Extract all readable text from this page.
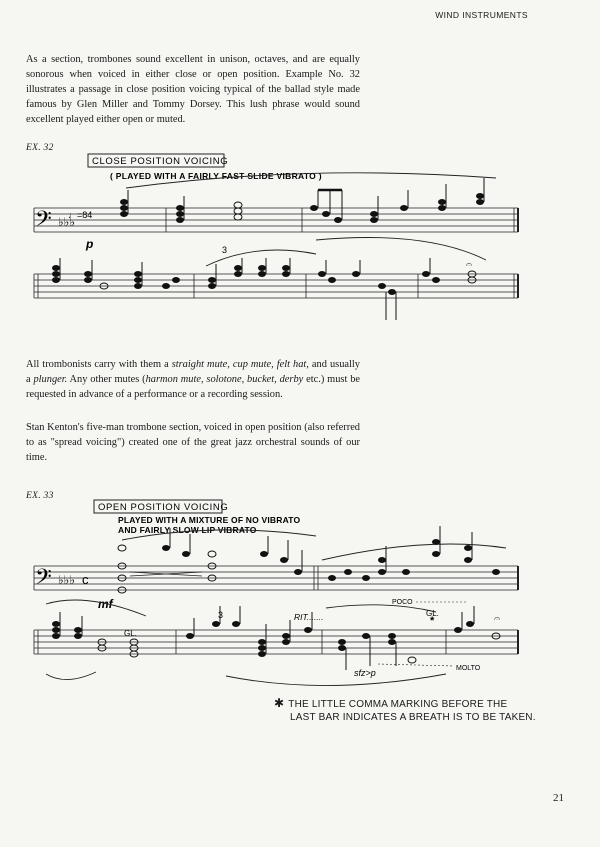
WIND INSTRUMENTS

As a section, trombones sound excellent in unison, octaves, and are equally sonorous when voiced in either close or open position. Example No. 32 illustrates a passage in close position voicing typical of the ballad style made famous by Glen Miller and Tommy Dorsey. This lush phrase would sound excellent played either open or muted.

EX. 32
CLOSE POSITION VOICING
( PLAYED WITH A FAIRLY FAST SLIDE VIBRATO )
𝄢 ♭♭♭
♩=84
p	3
𝄐

All trombonists carry with them a straight mute, cup mute, felt hat, and usually a plunger. Any other mutes (harmon mute, solotone, bucket, derby etc.) must be requested in advance of a performance or a recording session.

Stan Kenton's five-man trombone section, voiced in open position (also referred to as "spread voicing") created one of the great jazz orchestral sounds of our time.

EX. 33
OPEN POSITION VOICING
PLAYED WITH A MIXTURE OF NO VIBRATO
AND FAIRLY SLOW LIP VIBRATO
𝄢 ♭♭♭ c
mf	POCO
GL.
GL.
RIT.......
3
sfz>p	MOLTO
*	𝄐
✱ THE LITTLE COMMA MARKING BEFORE THE
LAST BAR INDICATES A BREATH IS TO BE TAKEN.
21
